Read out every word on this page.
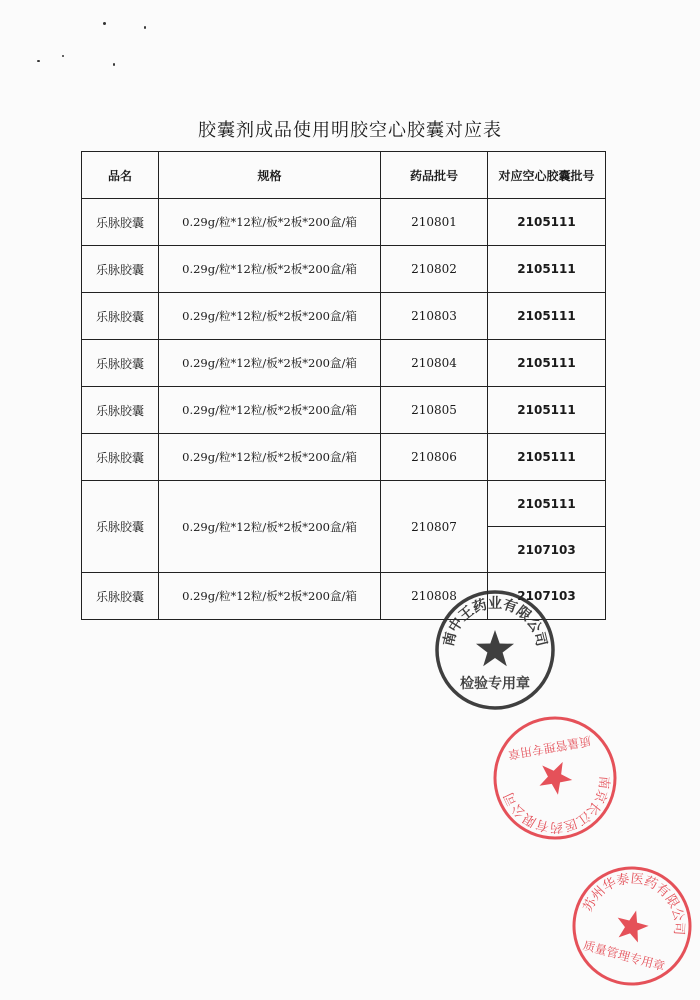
胶囊剂成品使用明胶空心胶囊对应表
品名	规格	药品批号	对应空心胶囊批号
乐脉胶囊	0.29g/粒*12粒/板*2板*200盒/箱	210801	2105111
乐脉胶囊	0.29g/粒*12粒/板*2板*200盒/箱	210802	2105111
乐脉胶囊	0.29g/粒*12粒/板*2板*200盒/箱	210803	2105111
乐脉胶囊	0.29g/粒*12粒/板*2板*200盒/箱	210804	2105111
乐脉胶囊	0.29g/粒*12粒/板*2板*200盒/箱	210805	2105111
乐脉胶囊	0.29g/粒*12粒/板*2板*200盒/箱	210806	2105111
乐脉胶囊	0.29g/粒*12粒/板*2板*200盒/箱	210807	2105111
			2107103
乐脉胶囊	0.29g/粒*12粒/板*2板*200盒/箱	210808	2107103
南中王药业有限公司
检验专用章
南京长江医药有限公司
质量管理专用章
苏州华泰医药有限公司
质量管理专用章
